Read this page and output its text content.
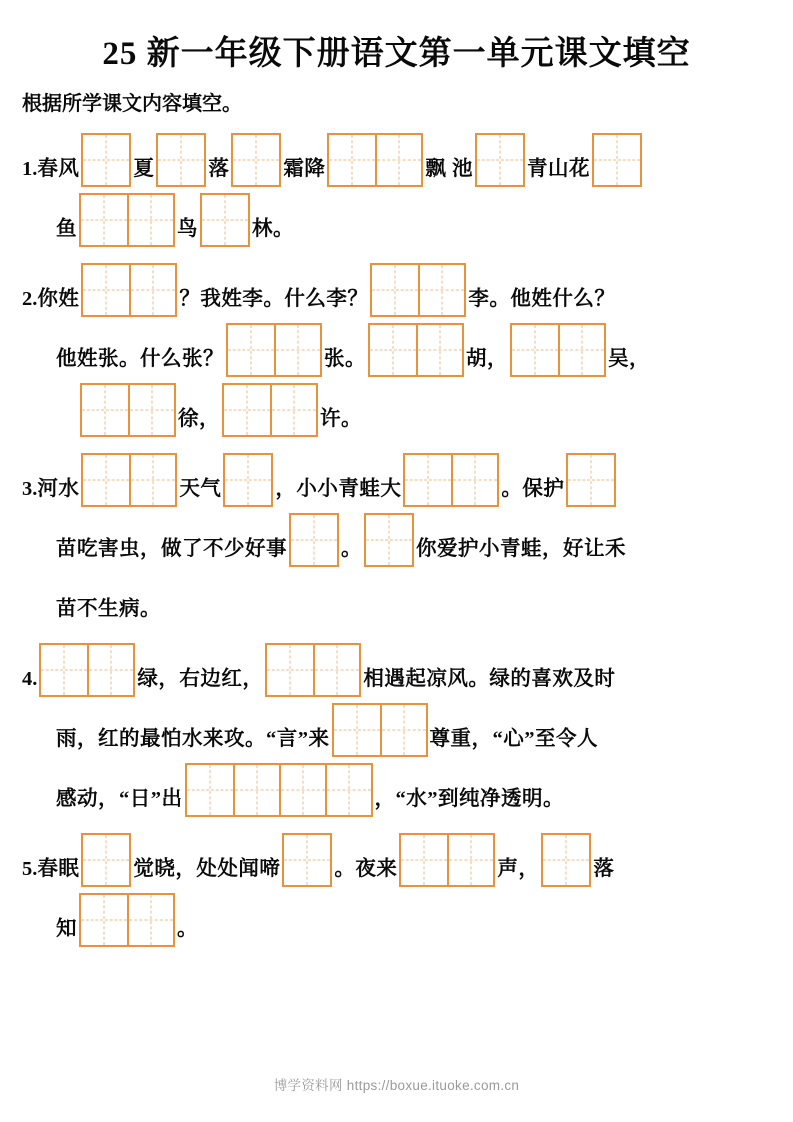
25 新一年级下册语文第一单元课文填空
根据所学课文内容填空。
1. 春风	夏	落	霜降	飘 池	青山花
鱼	鸟	林。
2. 你姓	？我姓李。什么李？	李。他姓什么？
他姓张。什么张？	张。	胡，	吴，
徐，	许。
3. 河水	天气	，小小青蛙大	。保护
苗吃害虫，做了不少好事	。	你爱护小青蛙，好让禾
苗不生病。
4.	绿，右边红，	相遇起凉风。绿的喜欢及时
雨，红的最怕水来攻。“言”来	尊重，“心”至令人
感动，“日”出	，“水”到纯净透明。
5. 春眠	觉晓，处处闻啼	。夜来	声，	落
知	。
博学资料网 https://boxue.ituoke.com.cn
